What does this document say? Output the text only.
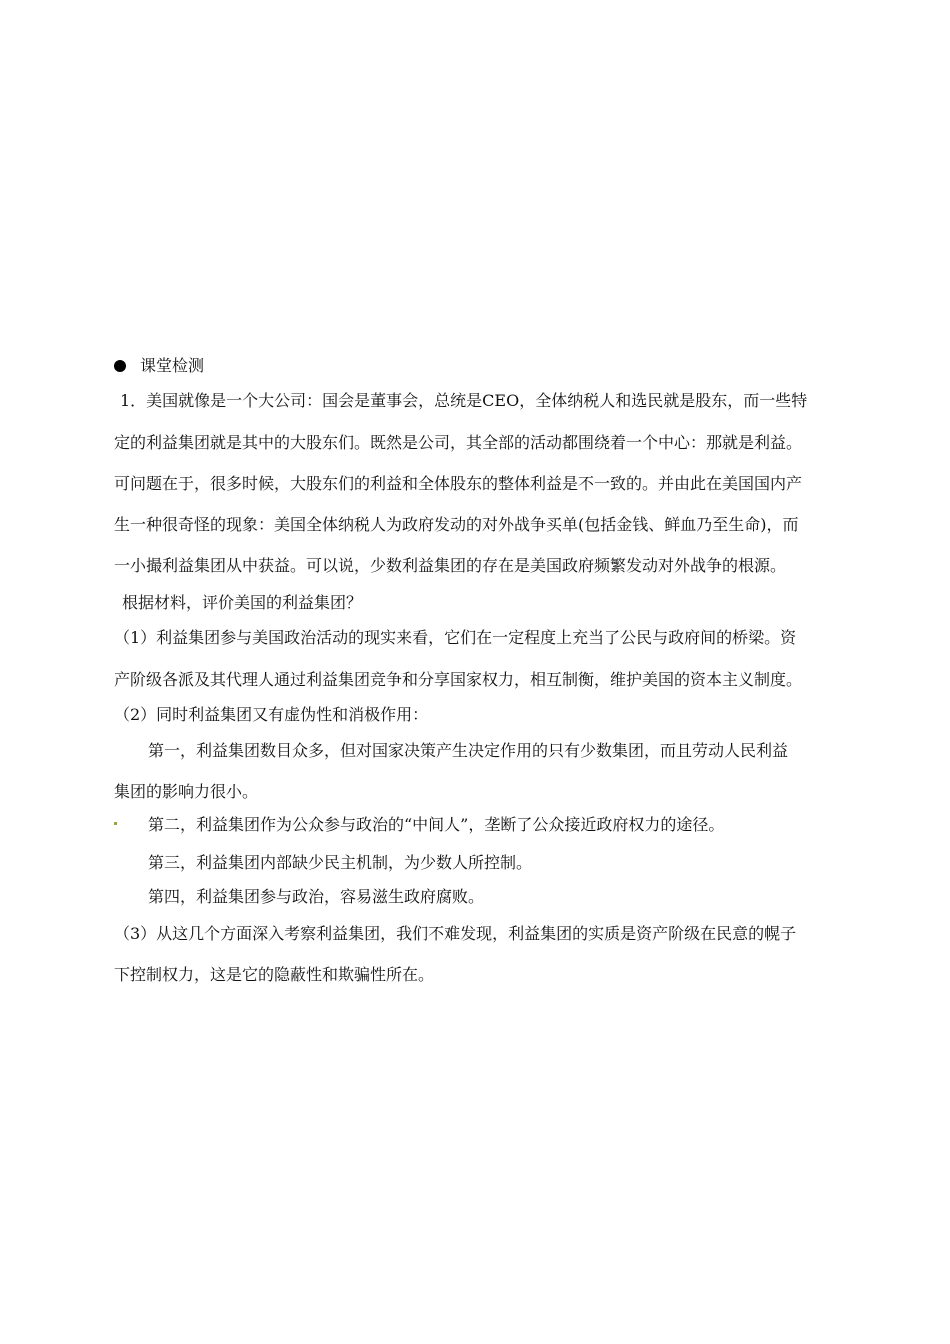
课堂检测
1．美国就像是一个大公司：国会是董事会，总统是CEO，全体纳税人和选民就是股东，而一些特
定的利益集团就是其中的大股东们。既然是公司，其全部的活动都围绕着一个中心：那就是利益。
可问题在于，很多时候，大股东们的利益和全体股东的整体利益是不一致的。并由此在美国国内产
生一种很奇怪的现象：美国全体纳税人为政府发动的对外战争买单(包括金钱、鲜血乃至生命)，而
一小撮利益集团从中获益。可以说，少数利益集团的存在是美国政府频繁发动对外战争的根源。
根据材料，评价美国的利益集团？
（1）利益集团参与美国政治活动的现实来看，它们在一定程度上充当了公民与政府间的桥梁。资
产阶级各派及其代理人通过利益集团竞争和分享国家权力，相互制衡，维护美国的资本主义制度。
（2）同时利益集团又有虚伪性和消极作用：
第一，利益集团数目众多，但对国家决策产生决定作用的只有少数集团，而且劳动人民利益
集团的影响力很小。
第二，利益集团作为公众参与政治的“中间人”，垄断了公众接近政府权力的途径。
第三，利益集团内部缺少民主机制，为少数人所控制。
第四，利益集团参与政治，容易滋生政府腐败。
（3）从这几个方面深入考察利益集团，我们不难发现，利益集团的实质是资产阶级在民意的幌子
下控制权力，这是它的隐蔽性和欺骗性所在。
